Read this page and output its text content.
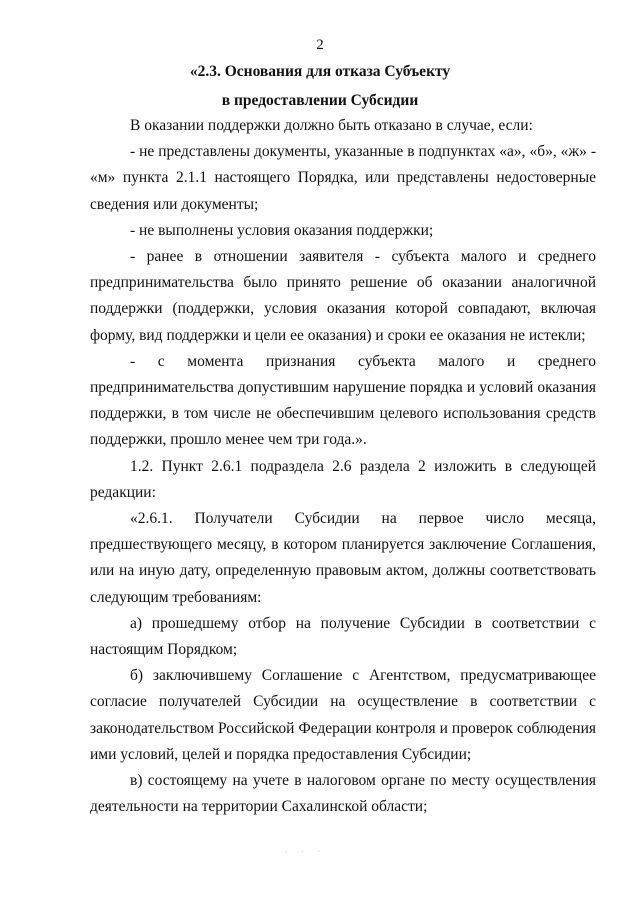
2
«2.3. Основания для отказа Субъекту
в предоставлении Субсидии

В оказании поддержки должно быть отказано в случае, если:

- не представлены документы, указанные в подпунктах «а», «б», «ж» - «м» пункта 2.1.1 настоящего Порядка, или представлены недостоверные сведения или документы;

- не выполнены условия оказания поддержки;

- ранее в отношении заявителя - субъекта малого и среднего предпринимательства было принято решение об оказании аналогичной поддержки (поддержки, условия оказания которой совпадают, включая форму, вид поддержки и цели ее оказания) и сроки ее оказания не истекли;

- с момента признания субъекта малого и среднего предпринимательства допустившим нарушение порядка и условий оказания поддержки, в том числе не обеспечившим целевого использования средств поддержки, прошло менее чем три года.».

1.2. Пункт 2.6.1 подраздела 2.6 раздела 2 изложить в следующей редакции:

«2.6.1. Получатели Субсидии на первое число месяца, предшествующего месяцу, в котором планируется заключение Соглашения, или на иную дату, определенную правовым актом, должны соответствовать следующим требованиям:

а) прошедшему отбор на получение Субсидии в соответствии с настоящим Порядком;

б) заключившему Соглашение с Агентством, предусматривающее согласие получателей Субсидии на осуществление в соответствии с законодательством Российской Федерации контроля и проверок соблюдения ими условий, целей и порядка предоставления Субсидии;

в) состоящему на учете в налоговом органе по месту осуществления деятельности на территории Сахалинской области;

· · ·
